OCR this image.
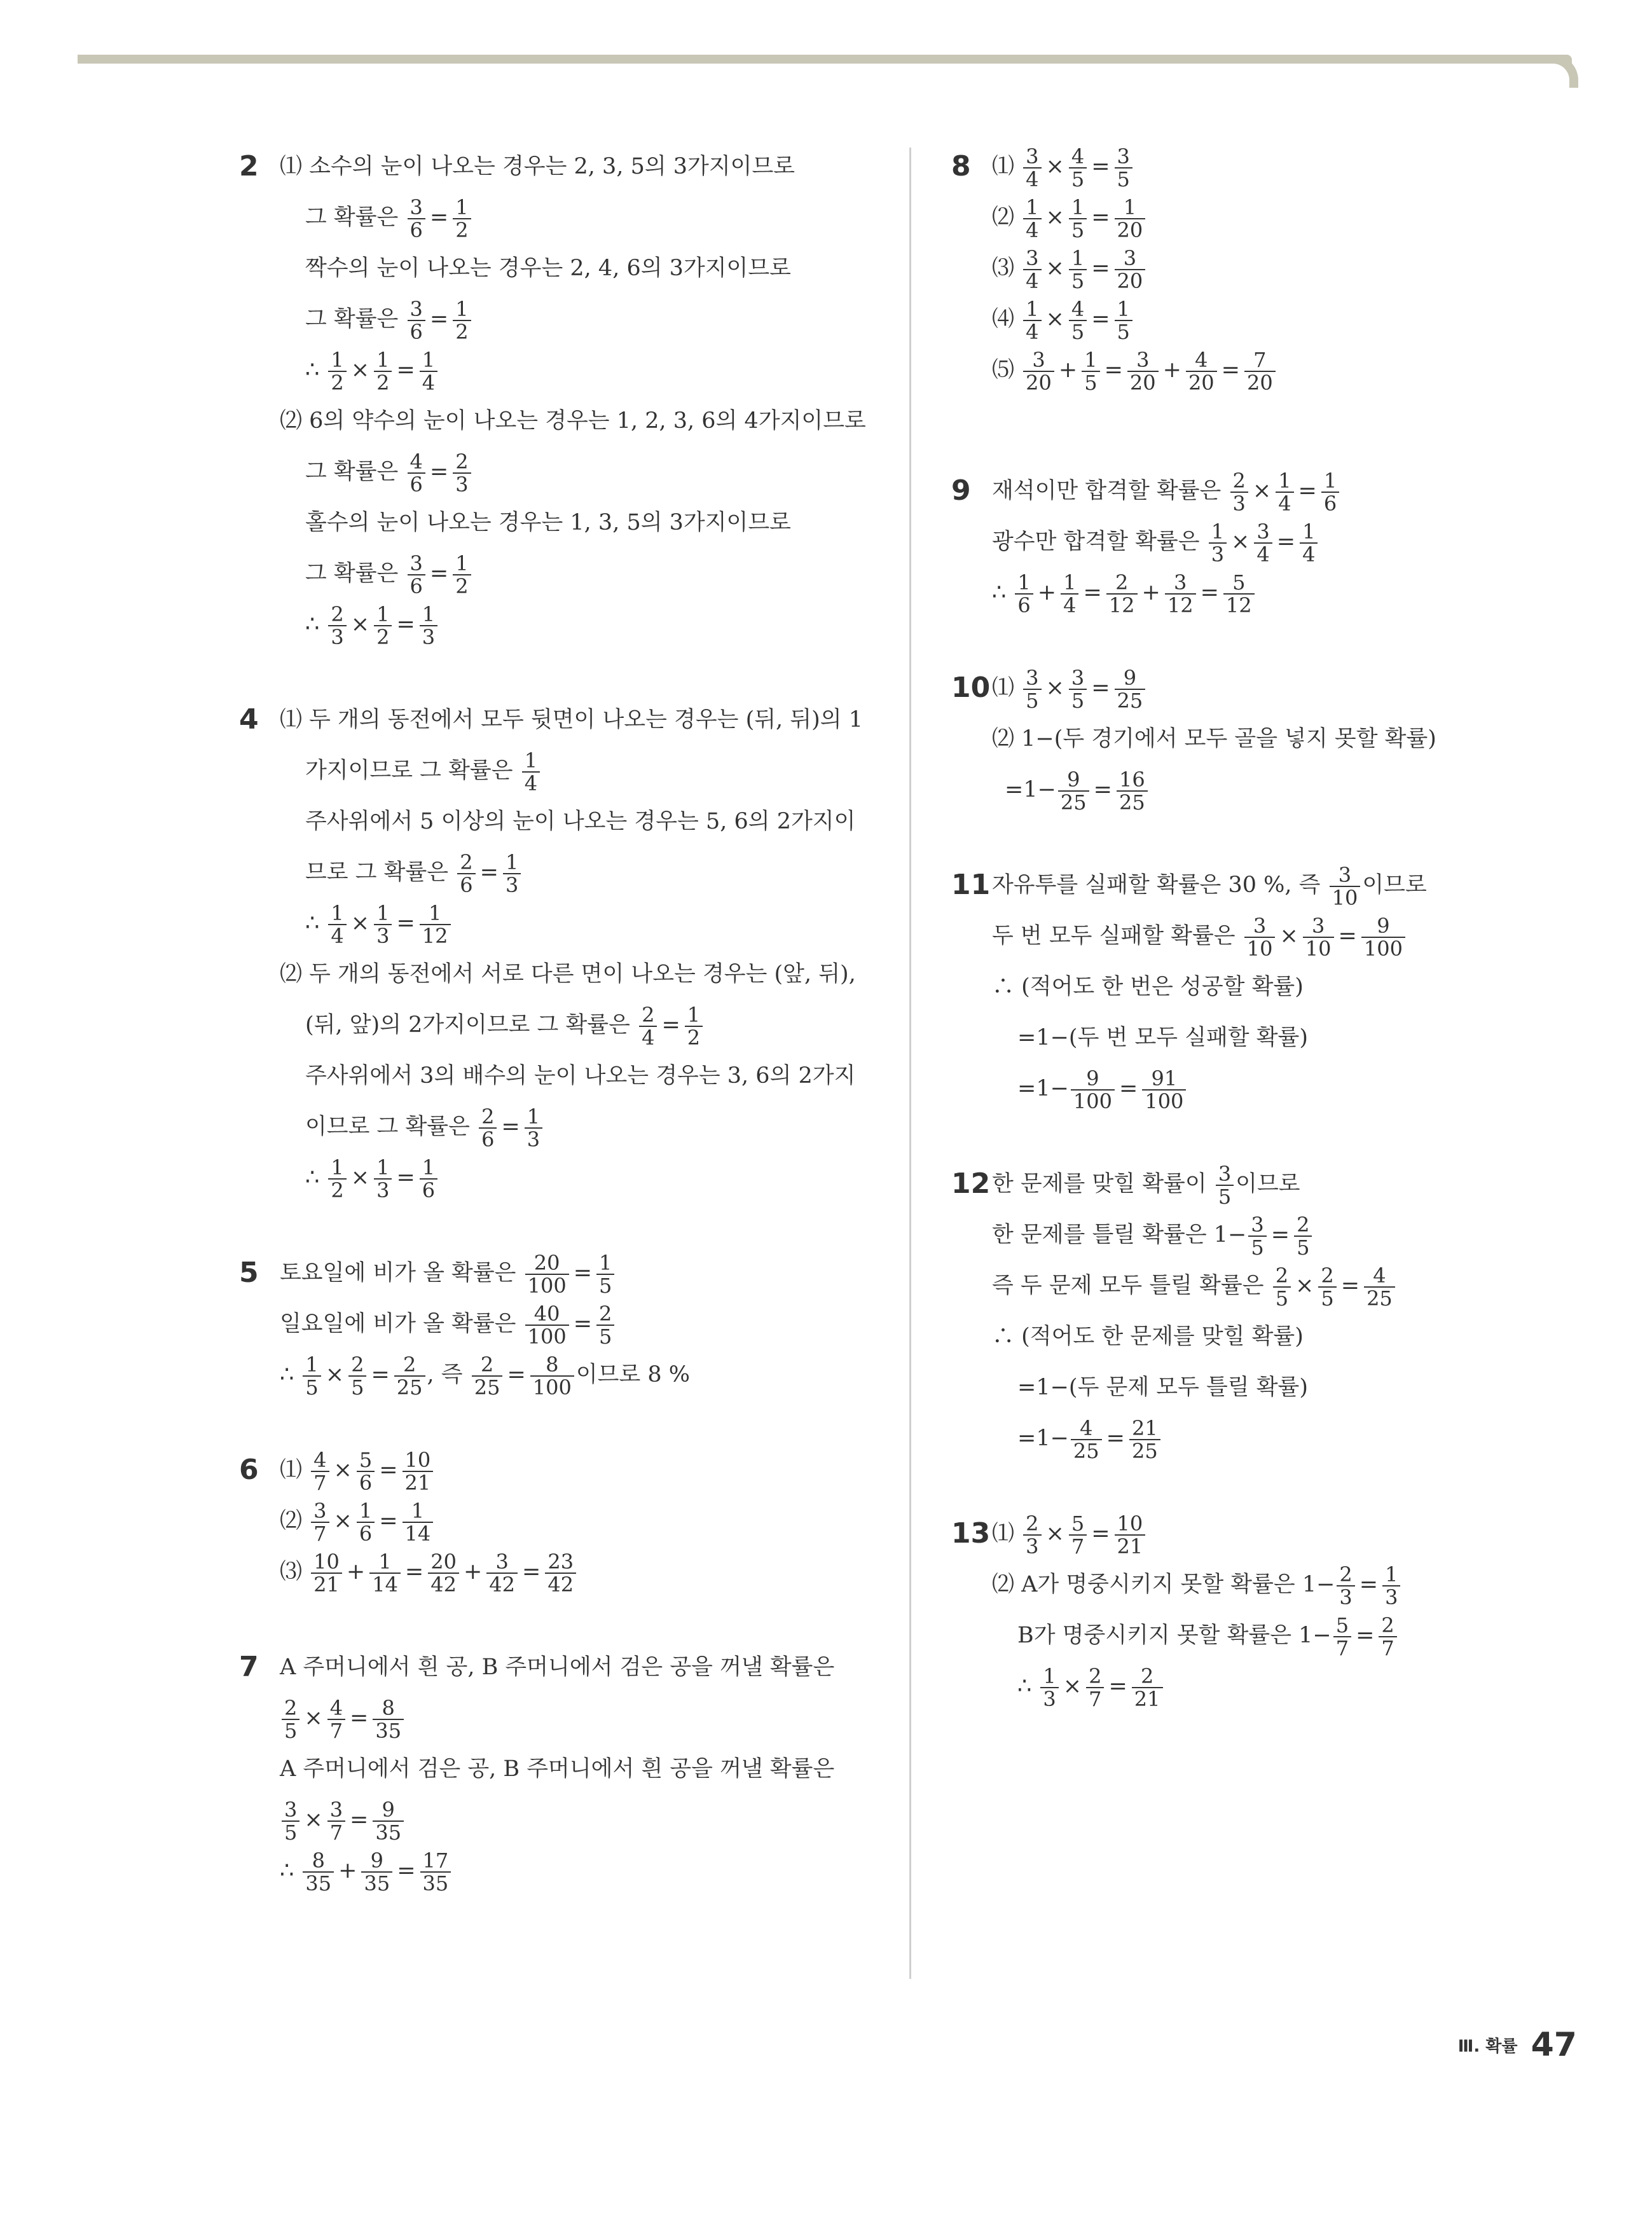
2 ⑴ 소수의 눈이 나오는 경우는 2, 3, 5의 3가지이므로
그 확률은 $\frac{3}{6} = \frac{1}{2}$
짝수의 눈이 나오는 경우는 2, 4, 6의 3가지이므로
그 확률은 $\frac{3}{6} = \frac{1}{2}$
∴ $\frac{1}{2} \times \frac{1}{2} = \frac{1}{4}$
⑵ 6의 약수의 눈이 나오는 경우는 1, 2, 3, 6의 4가지이므로
그 확률은 $\frac{4}{6} = \frac{2}{3}$
홀수의 눈이 나오는 경우는 1, 3, 5의 3가지이므로
그 확률은 $\frac{3}{6} = \frac{1}{2}$
∴ $\frac{2}{3} \times \frac{1}{2} = \frac{1}{3}$
4 ⑴ 두 개의 동전에서 모두 뒷면이 나오는 경우는 (뒤, 뒤)의 1
가지이므로 그 확률은 $\frac{1}{4}$
주사위에서 5 이상의 눈이 나오는 경우는 5, 6의 2가지이
므로 그 확률은 $\frac{2}{6} = \frac{1}{3}$
∴ $\frac{1}{4} \times \frac{1}{3} = \frac{1}{12}$
⑵ 두 개의 동전에서 서로 다른 면이 나오는 경우는 (앞, 뒤),
(뒤, 앞)의 2가지이므로 그 확률은 $\frac{2}{4} = \frac{1}{2}$
주사위에서 3의 배수의 눈이 나오는 경우는 3, 6의 2가지
이므로 그 확률은 $\frac{2}{6} = \frac{1}{3}$
∴ $\frac{1}{2} \times \frac{1}{3} = \frac{1}{6}$
5 토요일에 비가 올 확률은 $\frac{20}{100} = \frac{1}{5}$
일요일에 비가 올 확률은 $\frac{40}{100} = \frac{2}{5}$
∴ $\frac{1}{5} \times \frac{2}{5} = \frac{2}{25}$ , 즉 $\frac{2}{25} = \frac{8}{100}$ 이므로 8 %
6 ⑴ $\frac{4}{7} \times \frac{5}{6} = \frac{10}{21}$
⑵ $\frac{3}{7} \times \frac{1}{6} = \frac{1}{14}$
⑶ $\frac{10}{21} + \frac{1}{14} = \frac{20}{42} + \frac{3}{42} = \frac{23}{42}$
7 A 주머니에서 흰 공, B 주머니에서 검은 공을 꺼낼 확률은
$\frac{2}{5} \times \frac{4}{7} = \frac{8}{35}$
A 주머니에서 검은 공, B 주머니에서 흰 공을 꺼낼 확률은
$\frac{3}{5} \times \frac{3}{7} = \frac{9}{35}$
∴ $\frac{8}{35} + \frac{9}{35} = \frac{17}{35}$
8 ⑴ $\frac{3}{4} \times \frac{4}{5} = \frac{3}{5}$
⑵ $\frac{1}{4} \times \frac{1}{5} = \frac{1}{20}$
⑶ $\frac{3}{4} \times \frac{1}{5} = \frac{3}{20}$
⑷ $\frac{1}{4} \times \frac{4}{5} = \frac{1}{5}$
⑸ $\frac{3}{20} + \frac{1}{5} = \frac{3}{20} + \frac{4}{20} = \frac{7}{20}$
9 재석이만 합격할 확률은 $\frac{2}{3} \times \frac{1}{4} = \frac{1}{6}$
광수만 합격할 확률은 $\frac{1}{3} \times \frac{3}{4} = \frac{1}{4}$
∴ $\frac{1}{6} + \frac{1}{4} = \frac{2}{12} + \frac{3}{12} = \frac{5}{12}$
10 ⑴ $\frac{3}{5} \times \frac{3}{5} = \frac{9}{25}$
⑵ 1−(두 경기에서 모두 골을 넣지 못할 확률)
$=1- \frac{9}{25} = \frac{16}{25}$
11 자유투를 실패할 확률은 30 %, 즉 $\frac{3}{10}$ 이므로
두 번 모두 실패할 확률은 $\frac{3}{10} \times \frac{3}{10} = \frac{9}{100}$
∴ (적어도 한 번은 성공할 확률)
=1−(두 번 모두 실패할 확률)
$=1- \frac{9}{100} = \frac{91}{100}$
12 한 문제를 맞힐 확률이 $\frac{3}{5}$ 이므로
한 문제를 틀릴 확률은 $1- \frac{3}{5} = \frac{2}{5}$
즉 두 문제 모두 틀릴 확률은 $\frac{2}{5} \times \frac{2}{5} = \frac{4}{25}$
∴ (적어도 한 문제를 맞힐 확률)
=1−(두 문제 모두 틀릴 확률)
$=1- \frac{4}{25} = \frac{21}{25}$
13 ⑴ $\frac{2}{3} \times \frac{5}{7} = \frac{10}{21}$
⑵ A가 명중시키지 못할 확률은 $1- \frac{2}{3} = \frac{1}{3}$
B가 명중시키지 못할 확률은 $1- \frac{5}{7} = \frac{2}{7}$
∴ $\frac{1}{3} \times \frac{2}{7} = \frac{2}{21}$
Ⅲ. 확률 47
